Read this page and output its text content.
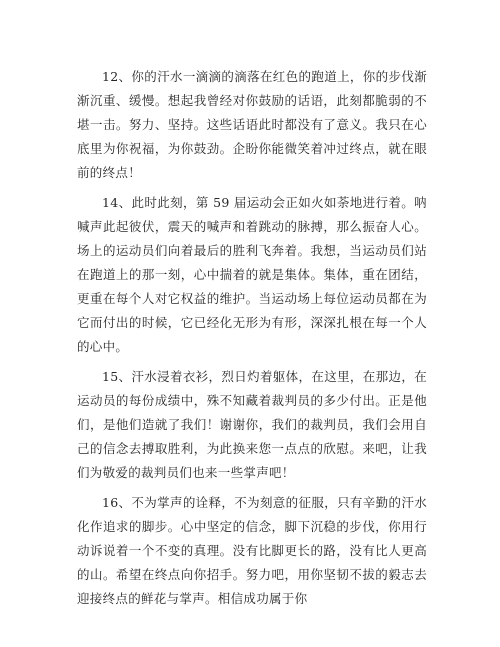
12、你的汗水一滴滴的滴落在红色的跑道上，你的步伐渐渐沉重、缓慢。想起我曾经对你鼓励的话语，此刻都脆弱的不堪一击。努力、坚持。这些话语此时都没有了意义。我只在心底里为你祝福，为你鼓劲。企盼你能微笑着冲过终点，就在眼前的终点！

14、此时此刻，第 59 届运动会正如火如荼地进行着。呐喊声此起彼伏，震天的喊声和着跳动的脉搏，那么振奋人心。场上的运动员们向着最后的胜利飞奔着。我想，当运动员们站在跑道上的那一刻，心中揣着的就是集体。集体，重在团结，更重在每个人对它权益的维护。当运动场上每位运动员都在为它而付出的时候，它已经化无形为有形，深深扎根在每一个人的心中。

15、汗水浸着衣衫，烈日灼着躯体，在这里，在那边，在运动员的每份成绩中，殊不知藏着裁判员的多少付出。正是他们，是他们造就了我们！谢谢你，我们的裁判员，我们会用自己的信念去搏取胜利，为此换来您一点点的欣慰。来吧，让我们为敬爱的裁判员们也来一些掌声吧！

16、不为掌声的诠释，不为刻意的征服，只有辛勤的汗水化作追求的脚步。心中坚定的信念，脚下沉稳的步伐，你用行动诉说着一个不变的真理。没有比脚更长的路，没有比人更高的山。希望在终点向你招手。努力吧，用你坚韧不拔的毅志去迎接终点的鲜花与掌声。相信成功属于你
